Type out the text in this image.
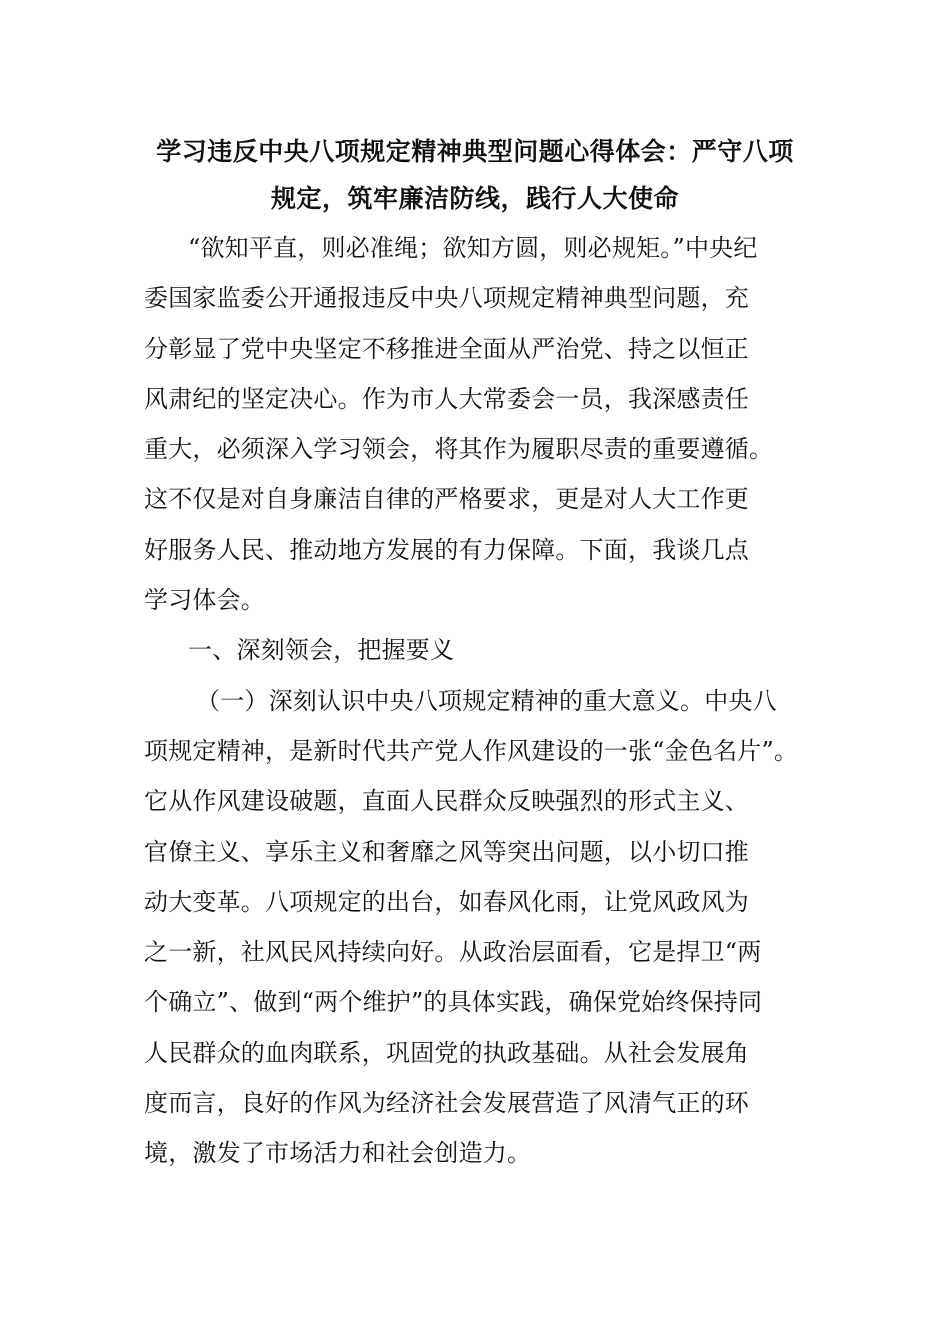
学习违反中央八项规定精神典型问题心得体会：严守八项
规定，筑牢廉洁防线，践行人大使命
“欲知平直，则必准绳；欲知方圆，则必规矩。”中央纪
委国家监委公开通报违反中央八项规定精神典型问题，充
分彰显了党中央坚定不移推进全面从严治党、持之以恒正
风肃纪的坚定决心。作为市人大常委会一员，我深感责任
重大，必须深入学习领会，将其作为履职尽责的重要遵循。
这不仅是对自身廉洁自律的严格要求，更是对人大工作更
好服务人民、推动地方发展的有力保障。下面，我谈几点
学习体会。
一、深刻领会，把握要义
（一）深刻认识中央八项规定精神的重大意义。中央八
项规定精神，是新时代共产党人作风建设的一张“金色名片”。
它从作风建设破题，直面人民群众反映强烈的形式主义、
官僚主义、享乐主义和奢靡之风等突出问题，以小切口推
动大变革。八项规定的出台，如春风化雨，让党风政风为
之一新，社风民风持续向好。从政治层面看，它是捍卫“两
个确立”、做到“两个维护”的具体实践，确保党始终保持同
人民群众的血肉联系，巩固党的执政基础。从社会发展角
度而言，良好的作风为经济社会发展营造了风清气正的环
境，激发了市场活力和社会创造力。
